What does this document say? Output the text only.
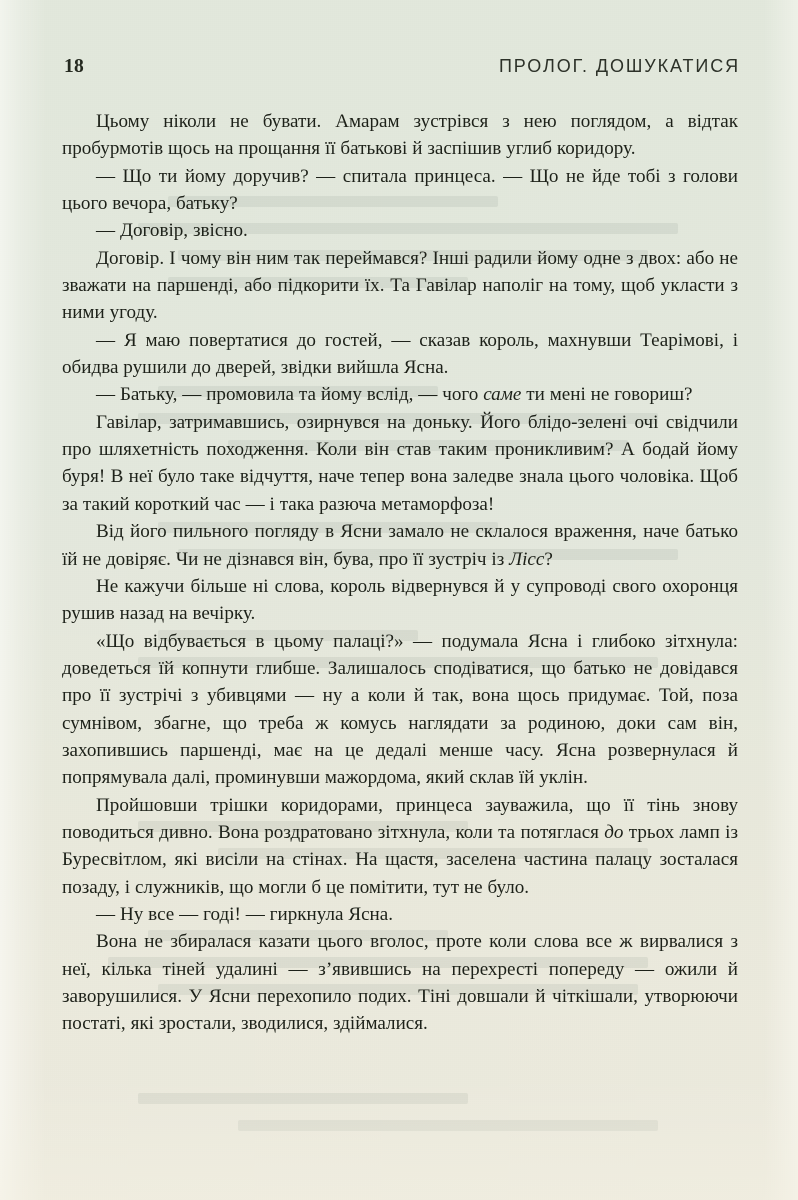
18	ПРОЛОГ. ДОШУКАТИСЯ

Цьому ніколи не бувати. Амарам зустрівся з нею поглядом, а відтак пробурмотів щось на прощання її батькові й заспішив углиб коридору.

— Що ти йому доручив? — спитала принцеса. — Що не йде тобі з голови цього вечора, батьку?

— Договір, звісно.

Договір. І чому він ним так переймався? Інші радили йому одне з двох: або не зважати на паршенді, або підкорити їх. Та Гавілар наполіг на тому, щоб укласти з ними угоду.

— Я маю повертатися до гостей, — сказав король, махнувши Теарімові, і обидва рушили до дверей, звідки вийшла Ясна.

— Батьку, — промовила та йому вслід, — чого саме ти мені не говориш?

Гавілар, затримавшись, озирнувся на доньку. Його блідо-зелені очі свідчили про шляхетність походження. Коли він став таким проникливим? А бодай йому буря! В неї було таке відчуття, наче тепер вона заледве знала цього чоловіка. Щоб за такий короткий час — і така разюча метаморфоза!

Від його пильного погляду в Ясни замало не склалося враження, наче батько їй не довіряє. Чи не дізнався він, бува, про її зустріч із Лісс?

Не кажучи більше ні слова, король відвернувся й у супроводі свого охоронця рушив назад на вечірку.

«Що відбувається в цьому палаці?» — подумала Ясна і глибоко зітхнула: доведеться їй копнути глибше. Залишалось сподіватися, що батько не довідався про її зустрічі з убивцями — ну а коли й так, вона щось придумає. Той, поза сумнівом, збагне, що треба ж комусь наглядати за родиною, доки сам він, захопившись паршенді, має на це дедалі менше часу. Ясна розвернулася й попрямувала далі, проминувши мажордома, який склав їй уклін.

Пройшовши трішки коридорами, принцеса зауважила, що її тінь знову поводиться дивно. Вона роздратовано зітхнула, коли та потяглася до трьох ламп із Буресвітлом, які висіли на стінах. На щастя, заселена частина палацу зосталася позаду, і служників, що могли б це помітити, тут не було.

— Ну все — годі! — гиркнула Ясна.

Вона не збиралася казати цього вголос, проте коли слова все ж вирвалися з неї, кілька тіней удалині — з’явившись на перехресті попереду — ожили й заворушилися. У Ясни перехопило подих. Тіні довшали й чіткішали, утворюючи постаті, які зростали, зводилися, здіймалися.
